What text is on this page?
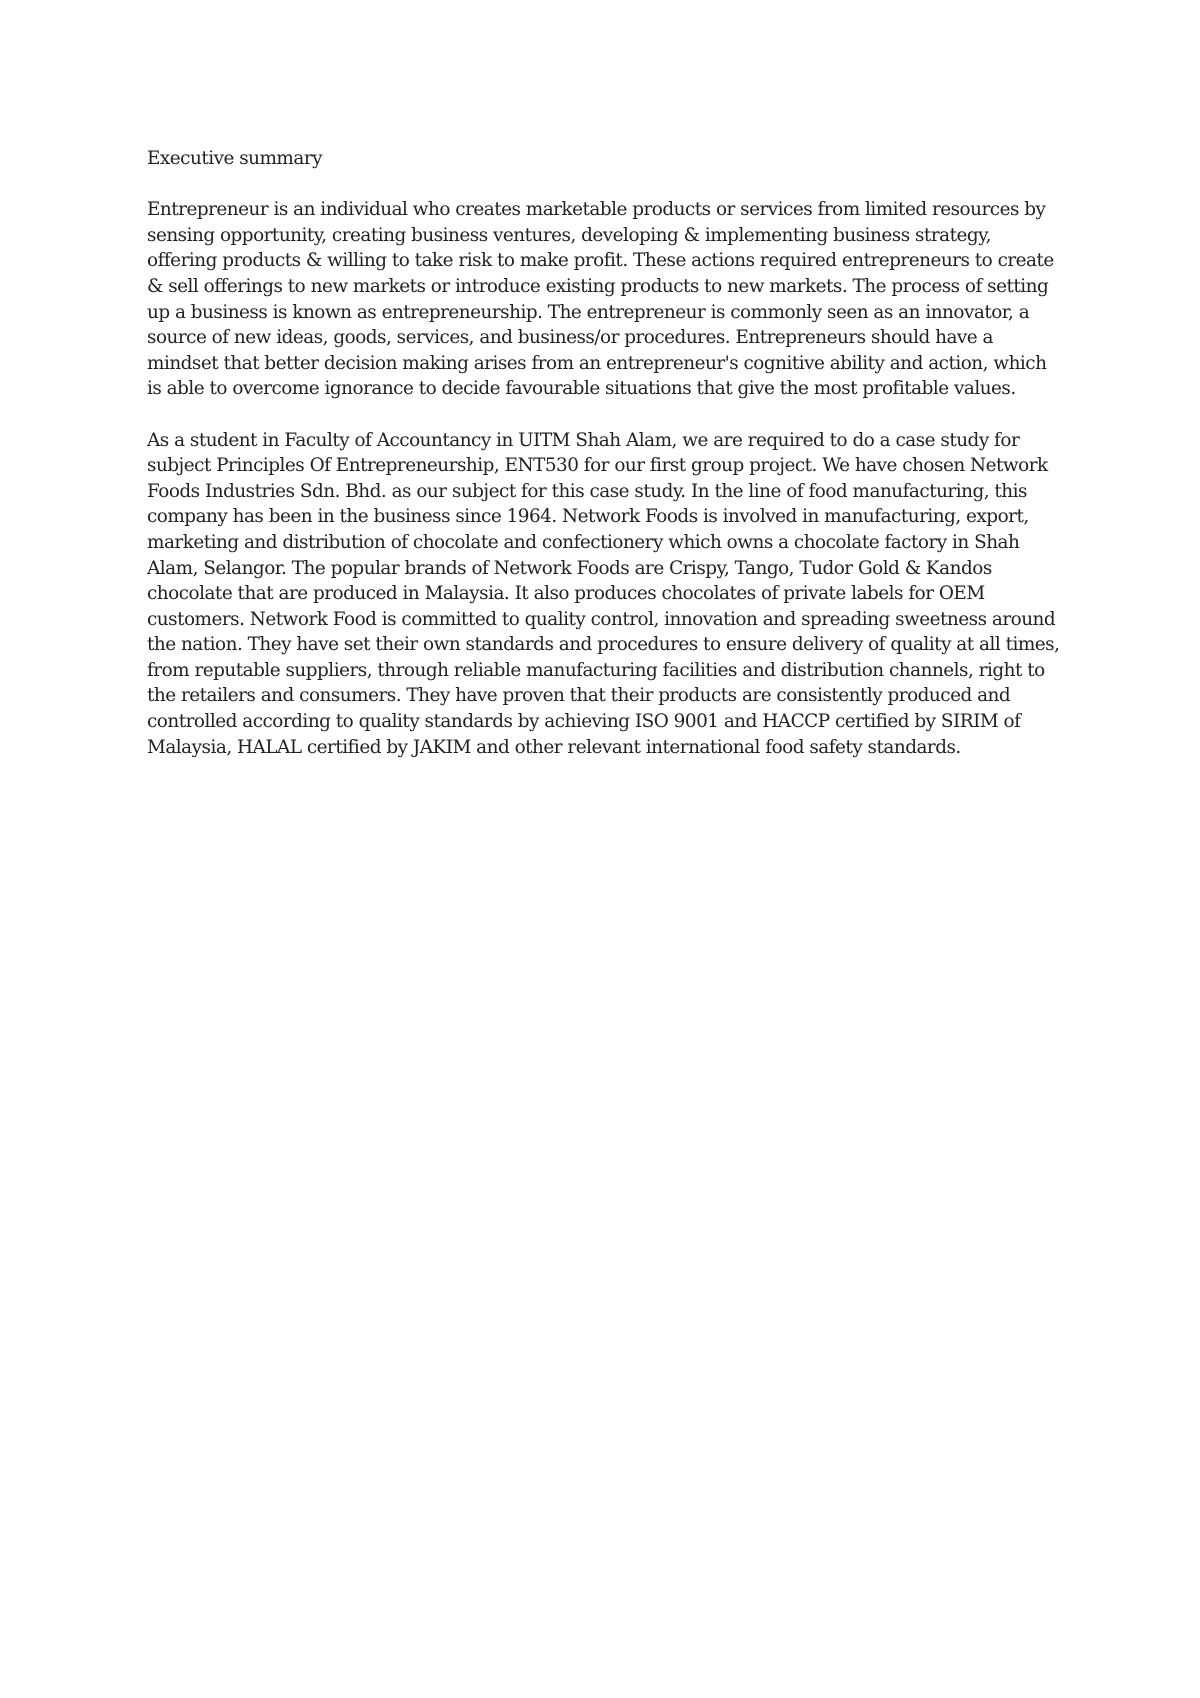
Executive summary

Entrepreneur is an individual who creates marketable products or services from limited resources by sensing opportunity, creating business ventures, developing & implementing business strategy, offering products & willing to take risk to make profit. These actions required entrepreneurs to create & sell offerings to new markets or introduce existing products to new markets. The process of setting up a business is known as entrepreneurship. The entrepreneur is commonly seen as an innovator, a source of new ideas, goods, services, and business/or procedures. Entrepreneurs should have a mindset that better decision making arises from an entrepreneur's cognitive ability and action, which is able to overcome ignorance to decide favourable situations that give the most profitable values.

As a student in Faculty of Accountancy in UITM Shah Alam, we are required to do a case study for subject Principles Of Entrepreneurship, ENT530 for our first group project. We have chosen Network Foods Industries Sdn. Bhd. as our subject for this case study. In the line of food manufacturing, this company has been in the business since 1964. Network Foods is involved in manufacturing, export, marketing and distribution of chocolate and confectionery which owns a chocolate factory in Shah Alam, Selangor. The popular brands of Network Foods are Crispy, Tango, Tudor Gold & Kandos chocolate that are produced in Malaysia. It also produces chocolates of private labels for OEM customers. Network Food is committed to quality control, innovation and spreading sweetness around the nation. They have set their own standards and procedures to ensure delivery of quality at all times, from reputable suppliers, through reliable manufacturing facilities and distribution channels, right to the retailers and consumers. They have proven that their products are consistently produced and controlled according to quality standards by achieving ISO 9001 and HACCP certified by SIRIM of Malaysia, HALAL certified by JAKIM and other relevant international food safety standards.
